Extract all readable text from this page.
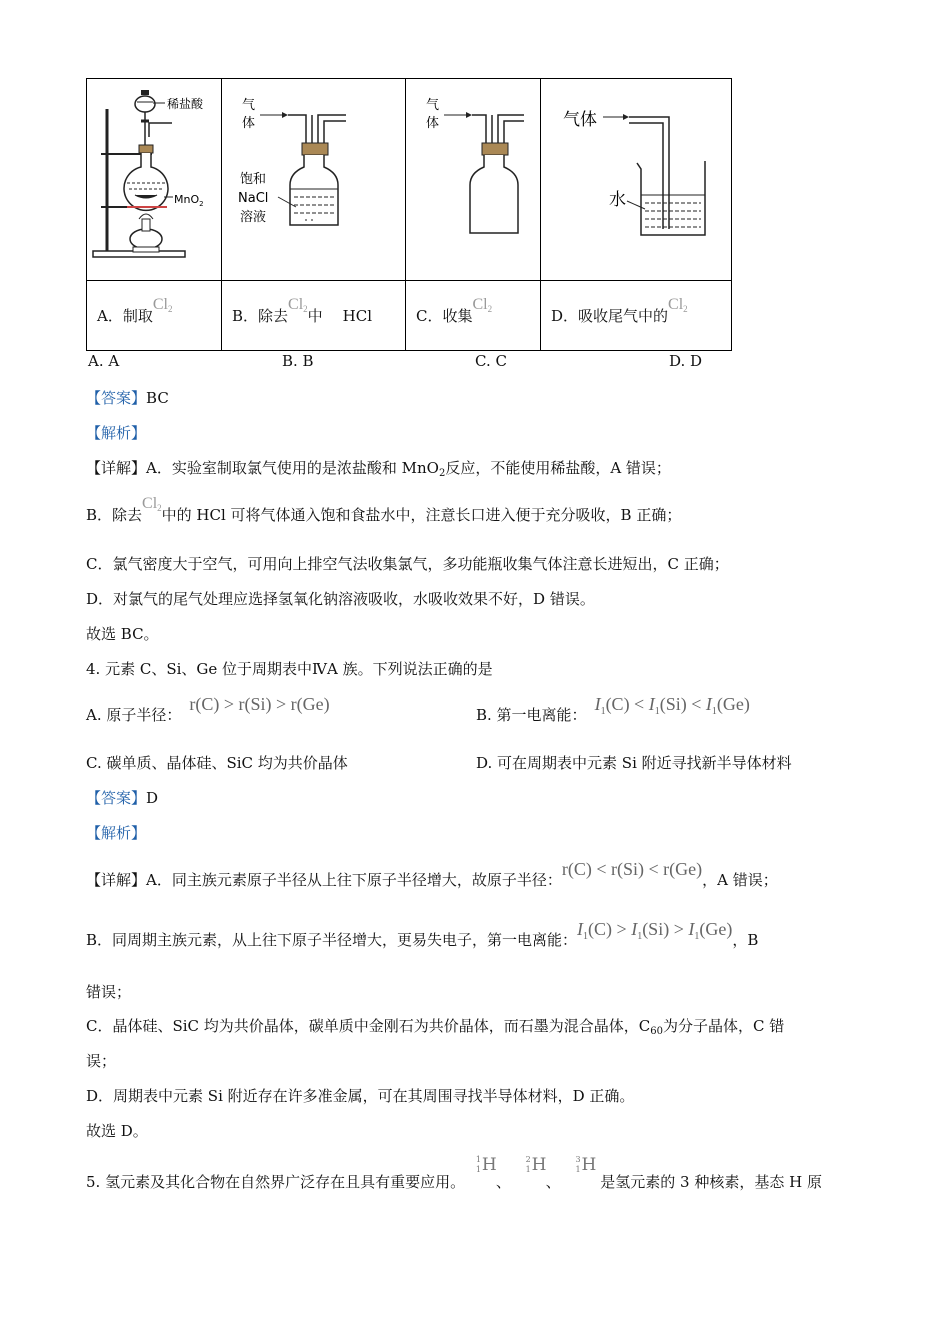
稀盐酸
MnO$_2$	气
体
饱和
NaCl
溶液	气
体	气体
水

A．制取$Cl_2$	B．除去$Cl_2$中 HCl	C．收集$Cl_2$	D．吸收尾气中的$Cl_2$
A. A	B. B	C. C	D. D
【答案】BC
【解析】
【详解】A．实验室制取氯气使用的是浓盐酸和 MnO$_2$反应，不能使用稀盐酸，A 错误；
B．除去$Cl_2$中的 HCl 可将气体通入饱和食盐水中，注意长口进入便于充分吸收，B 正确；
C．氯气密度大于空气，可用向上排空气法收集氯气，多功能瓶收集气体注意长进短出，C 正确；
D．对氯气的尾气处理应选择氢氧化钠溶液吸收，水吸收效果不好，D 错误。
故选 BC。
4. 元素 C、Si、Ge 位于周期表中ⅣA 族。下列说法正确的是
A. 原子半径：r(C) > r(Si) > r(Ge)
B. 第一电离能：$I_1(C) < I_1(Si) < I_1(Ge)$
C. 碳单质、晶体硅、SiC 均为共价晶体	D. 可在周期表中元素 Si 附近寻找新半导体材料
【答案】D
【解析】
【详解】A．同主族元素原子半径从上往下原子半径增大，故原子半径：r(C) < r(Si) < r(Ge)，A 错误；
B．同周期主族元素，从上往下原子半径增大，更易失电子，第一电离能：$I_1(C) > I_1(Si) > I_1(Ge)$，B
错误；
C．晶体硅、SiC 均为共价晶体，碳单质中金刚石为共价晶体，而石墨为混合晶体，$C_{60}$为分子晶体，C 错
误；
D．周期表中元素 Si 附近存在许多准金属，可在其周围寻找半导体材料，D 正确。
故选 D。
5. 氢元素及其化合物在自然界广泛存在且具有重要应用。
1
1 H
、
2
1 H
、
3
1 H
是氢元素的 3 种核素，基态 H 原
